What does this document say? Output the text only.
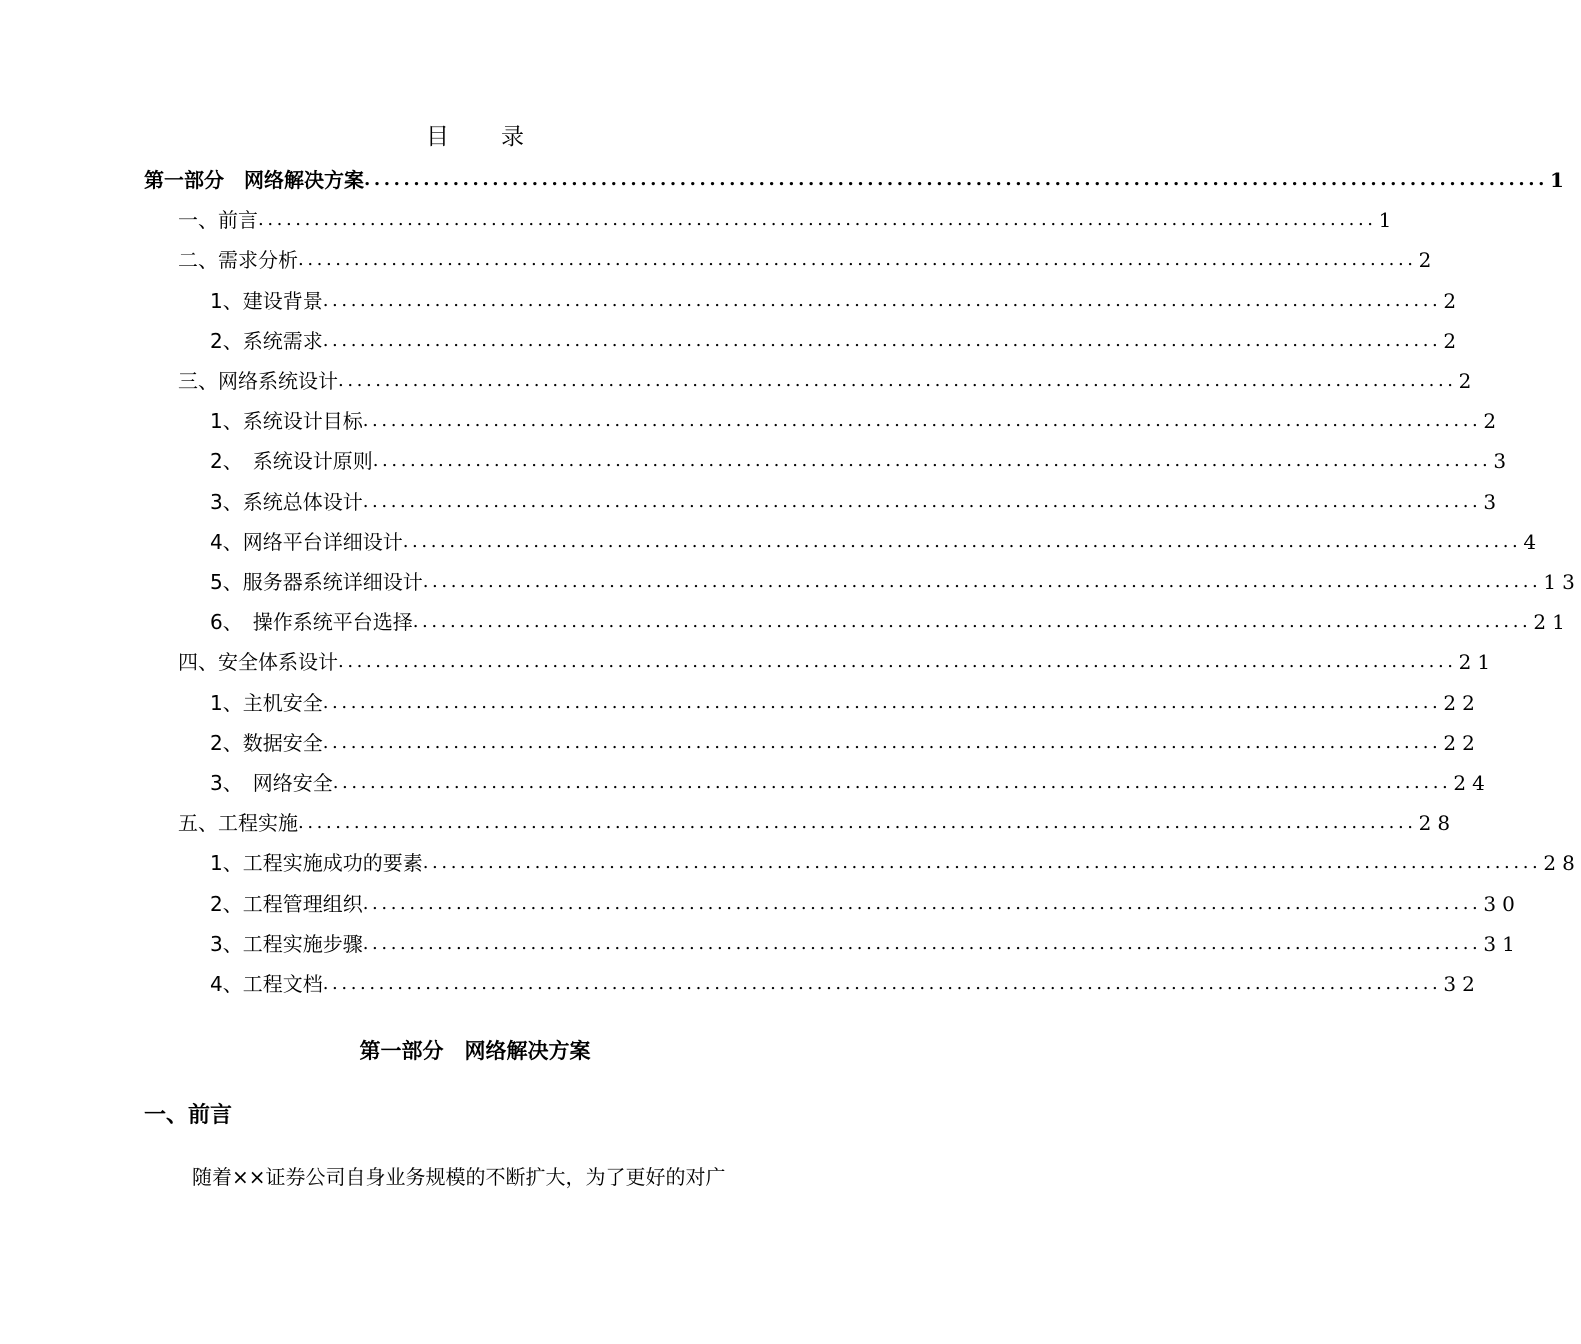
目 录
第一部分　网络解决方案 ........................................................................................................................ 1
一、前言 ........................................................................................................................ 1
二、需求分析 ........................................................................................................................ 2
1、建设背景 ........................................................................................................................ 2
2、系统需求 ........................................................................................................................ 2
三、网络系统设计 ........................................................................................................................ 2
1、系统设计目标 ........................................................................................................................ 2
2、　系统设计原则 ........................................................................................................................ 3
3、系统总体设计 ........................................................................................................................ 3
4、网络平台详细设计 ........................................................................................................................ 4
5、服务器系统详细设计 ........................................................................................................................ 13
6、　操作系统平台选择 ........................................................................................................................ 21
四、安全体系设计 ........................................................................................................................ 21
1、主机安全 ........................................................................................................................ 22
2、数据安全 ........................................................................................................................ 22
3、　网络安全 ........................................................................................................................ 24
五、工程实施 ........................................................................................................................ 28
1、工程实施成功的要素 ........................................................................................................................ 28
2、工程管理组织 ........................................................................................................................ 30
3、工程实施步骤 ........................................................................................................................ 31
4、工程文档 ........................................................................................................................ 32
第一部分　网络解决方案
一、前言
随着××证券公司自身业务规模的不断扩大，为了更好的对广
